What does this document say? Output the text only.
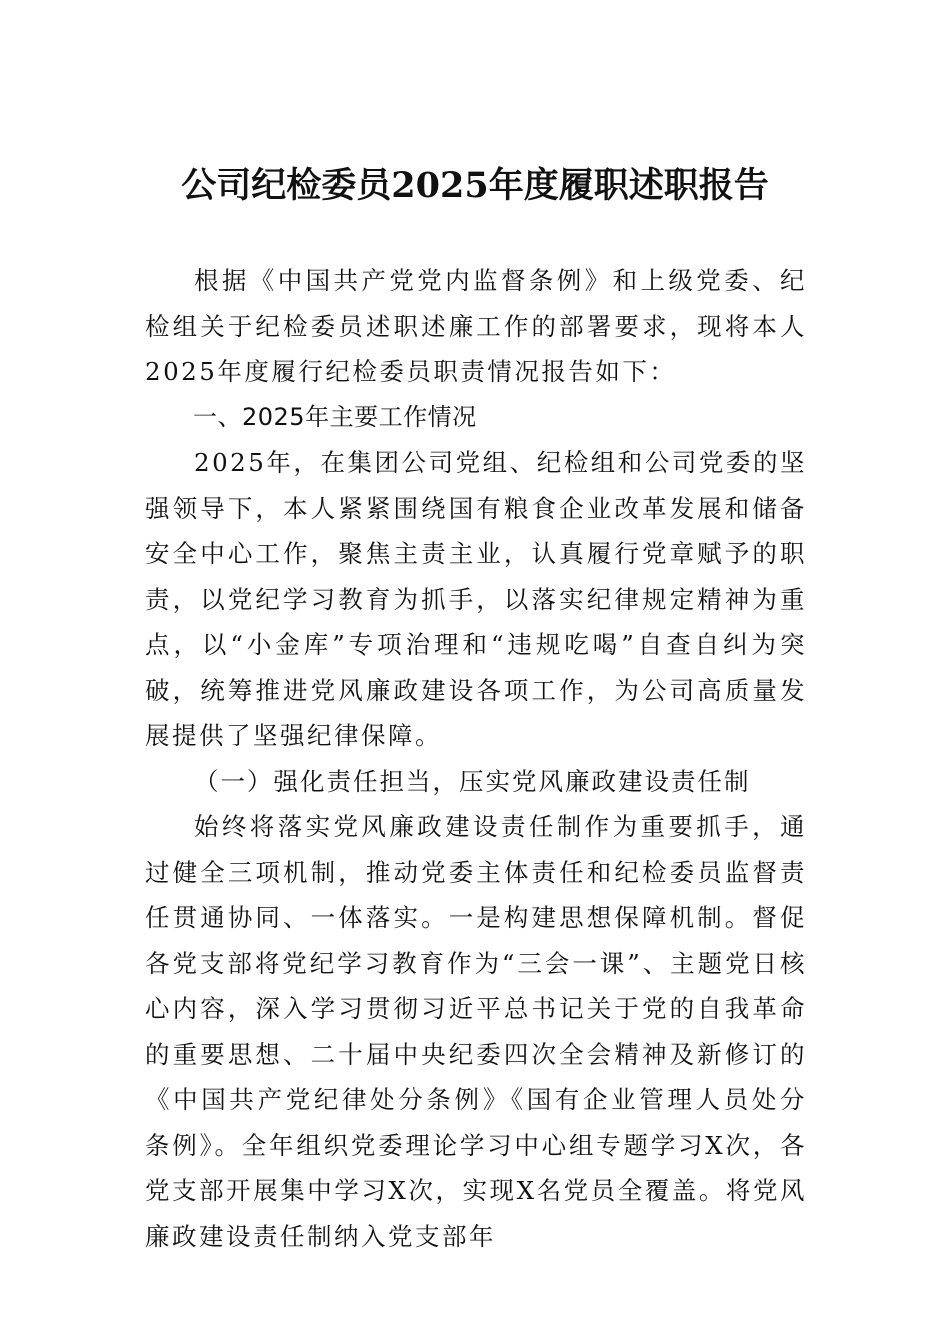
公司纪检委员2025年度履职述职报告

根据《中国共产党党内监督条例》和上级党委、纪检组关于纪检委员述职述廉工作的部署要求，现将本人2025年度履行纪检委员职责情况报告如下：

一、2025年主要工作情况

2025年，在集团公司党组、纪检组和公司党委的坚强领导下，本人紧紧围绕国有粮食企业改革发展和储备安全中心工作，聚焦主责主业，认真履行党章赋予的职责，以党纪学习教育为抓手，以落实纪律规定精神为重点，以“小金库”专项治理和“违规吃喝”自查自纠为突破，统筹推进党风廉政建设各项工作，为公司高质量发展提供了坚强纪律保障。

（一）强化责任担当，压实党风廉政建设责任制

始终将落实党风廉政建设责任制作为重要抓手，通过健全三项机制，推动党委主体责任和纪检委员监督责任贯通协同、一体落实。一是构建思想保障机制。督促各党支部将党纪学习教育作为“三会一课”、主题党日核心内容，深入学习贯彻习近平总书记关于党的自我革命的重要思想、二十届中央纪委四次全会精神及新修订的《中国共产党纪律处分条例》《国有企业管理人员处分条例》。全年组织党委理论学习中心组专题学习X次，各党支部开展集中学习X次，实现X名党员全覆盖。将党风廉政建设责任制纳入党支部年
